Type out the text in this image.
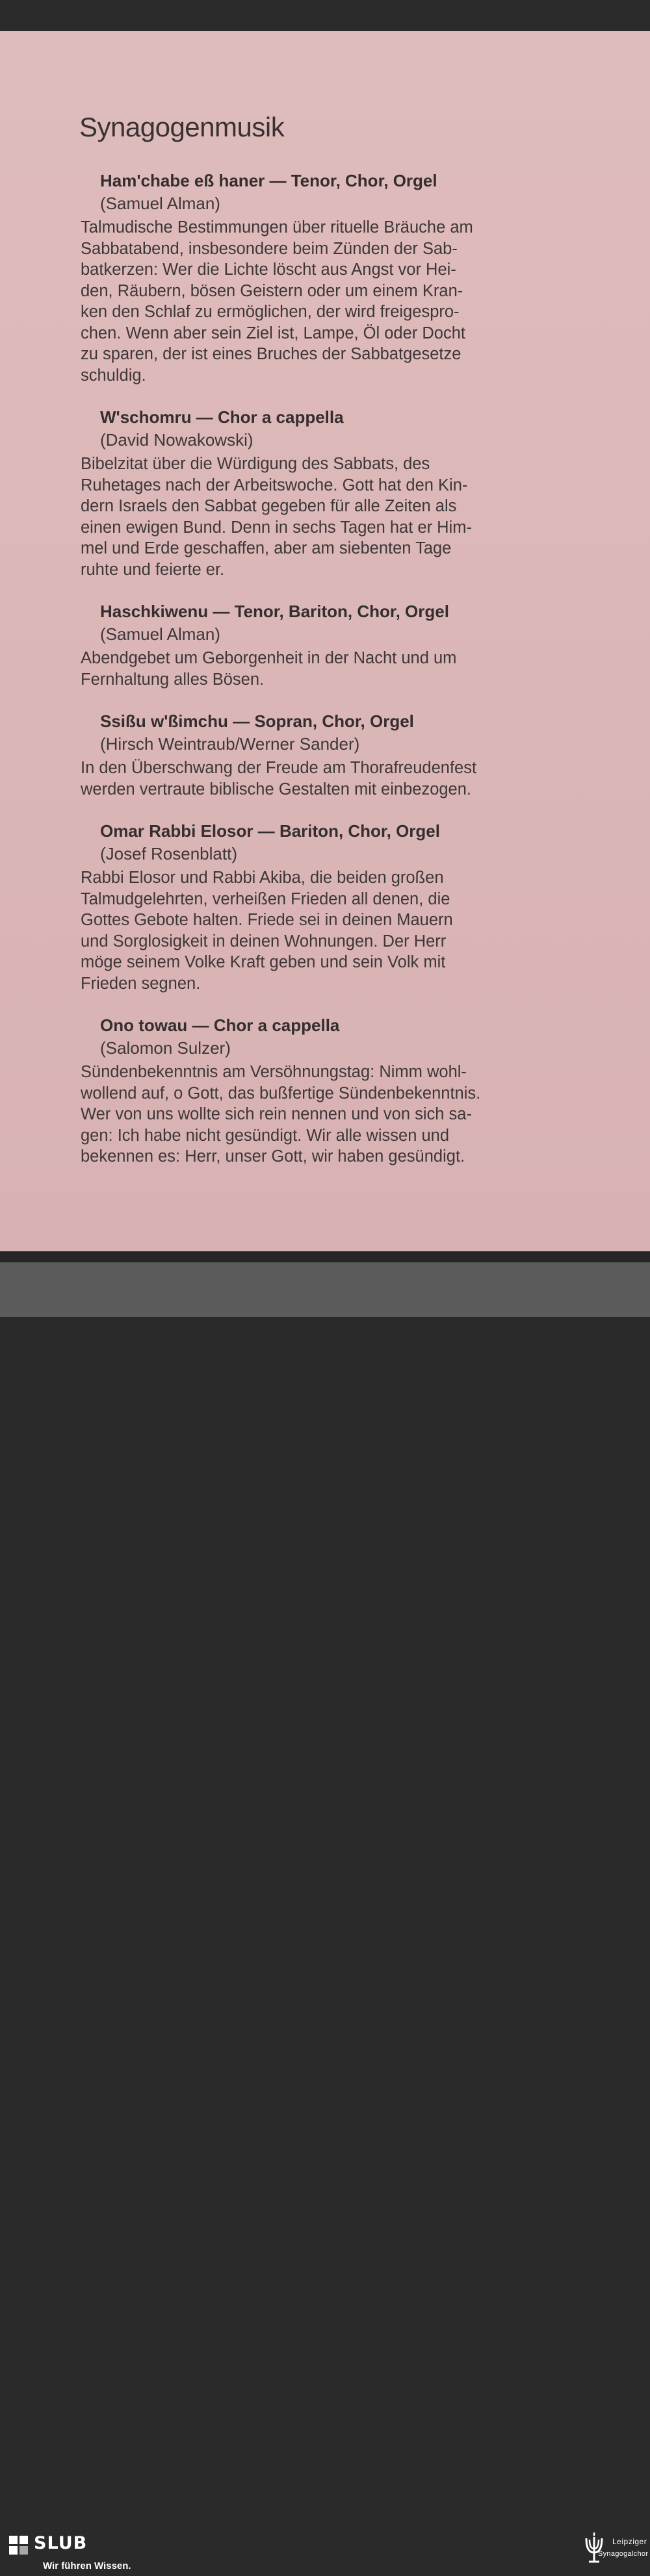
Synagogenmusik
Ham'chabe eß haner — Tenor, Chor, Orgel
(Samuel Alman)

Talmudische Bestimmungen über rituelle Bräuche am
Sabbatabend, insbesondere beim Zünden der Sab-
batkerzen: Wer die Lichte löscht aus Angst vor Hei-
den, Räubern, bösen Geistern oder um einem Kran-
ken den Schlaf zu ermöglichen, der wird freigespro-
chen. Wenn aber sein Ziel ist, Lampe, Öl oder Docht
zu sparen, der ist eines Bruches der Sabbatgesetze
schuldig.

W'schomru — Chor a cappella
(David Nowakowski)

Bibelzitat über die Würdigung des Sabbats, des
Ruhetages nach der Arbeitswoche. Gott hat den Kin-
dern Israels den Sabbat gegeben für alle Zeiten als
einen ewigen Bund. Denn in sechs Tagen hat er Him-
mel und Erde geschaffen, aber am siebenten Tage
ruhte und feierte er.

Haschkiwenu — Tenor, Bariton, Chor, Orgel
(Samuel Alman)

Abendgebet um Geborgenheit in der Nacht und um
Fernhaltung alles Bösen.

Ssißu w'ßimchu — Sopran, Chor, Orgel
(Hirsch Weintraub/Werner Sander)

In den Überschwang der Freude am Thorafreudenfest
werden vertraute biblische Gestalten mit einbezogen.

Omar Rabbi Elosor — Bariton, Chor, Orgel
(Josef Rosenblatt)

Rabbi Elosor und Rabbi Akiba, die beiden großen
Talmudgelehrten, verheißen Frieden all denen, die
Gottes Gebote halten. Friede sei in deinen Mauern
und Sorglosigkeit in deinen Wohnungen. Der Herr
möge seinem Volke Kraft geben und sein Volk mit
Frieden segnen.

Ono towau — Chor a cappella
(Salomon Sulzer)

Sündenbekenntnis am Versöhnungstag: Nimm wohl-
wollend auf, o Gott, das bußfertige Sündenbekenntnis.
Wer von uns wollte sich rein nennen und von sich sa-
gen: Ich habe nicht gesündigt. Wir alle wissen und
bekennen es: Herr, unser Gott, wir haben gesündigt.

SLUB
Wir führen Wissen.
Leipziger
Synagogalchor
